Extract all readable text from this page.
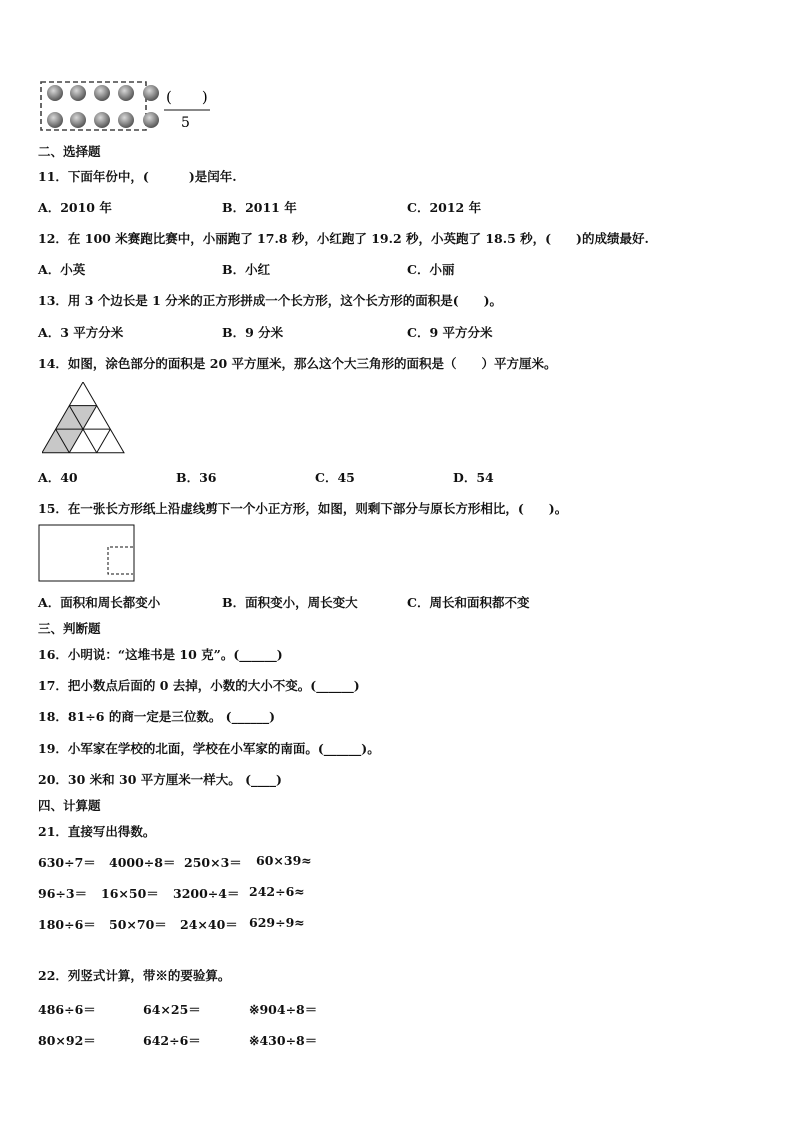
(　　)
5
二、选择题
11．下面年份中，(	)是闰年.
A．2010 年	B．2011 年	C．2012 年
12．在 100 米赛跑比赛中，小丽跑了 17.8 秒，小红跑了 19.2 秒，小英跑了 18.5 秒，(　　)的成绩最好.
A．小英	B．小红	C．小丽
13．用 3 个边长是 1 分米的正方形拼成一个长方形，这个长方形的面积是(　　)。
A．3 平方分米	B．9 分米	C．9 平方分米
14．如图，涂色部分的面积是 20 平方厘米，那么这个大三角形的面积是（　　）平方厘米。
A．40	B．36	C．45	D．54
15．在一张长方形纸上沿虚线剪下一个小正方形，如图，则剩下部分与原长方形相比，(　　)。
A．面积和周长都变小	B．面积变小，周长变大	C．周长和面积都不变
三、判断题
16．小明说：“这堆书是 10 克”。(______)
17．把小数点后面的 0 去掉，小数的大小不变。(______)
18．81÷6 的商一定是三位数。 (______)
19．小军家在学校的北面，学校在小军家的南面。(______)。
20．30 米和 30 平方厘米一样大。 (____)
四、计算题
21．直接写出得数。
630÷7＝ 4000÷8＝ 250×3＝ 60×39≈
96÷3＝ 16×50＝ 3200÷4＝ 242÷6≈
180÷6＝ 50×70＝ 24×40＝ 629÷9≈
22．列竖式计算，带※的要验算。
486÷6＝	64×25＝	※904÷8＝
80×92＝	642÷6＝	※430÷8＝
